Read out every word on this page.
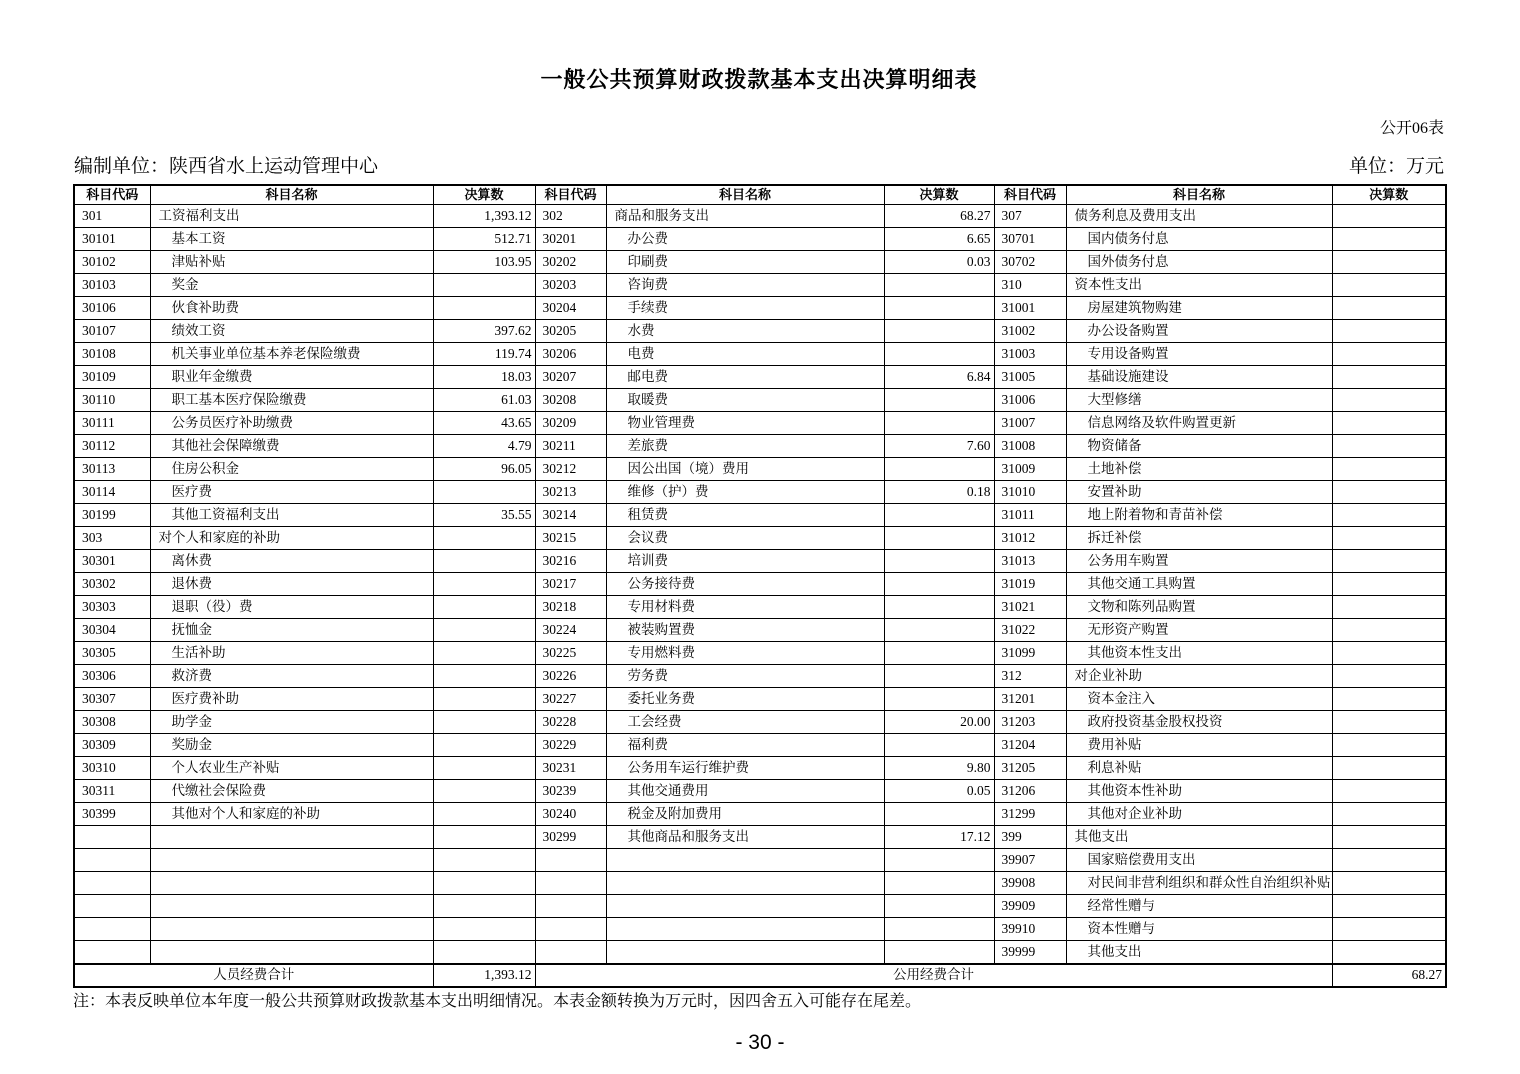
一般公共预算财政拨款基本支出决算明细表
公开06表
编制单位：陕西省水上运动管理中心	单位：万元
科目代码	科目名称	决算数	科目代码	科目名称	决算数	科目代码	科目名称	决算数
301	工资福利支出	1,393.12	302	商品和服务支出	68.27	307	债务利息及费用支出	
30101	基本工资	512.71	30201	办公费	6.65	30701	国内债务付息	
30102	津贴补贴	103.95	30202	印刷费	0.03	30702	国外债务付息	
30103	奖金		30203	咨询费		310	资本性支出	
30106	伙食补助费		30204	手续费		31001	房屋建筑物购建	
30107	绩效工资	397.62	30205	水费		31002	办公设备购置	
30108	机关事业单位基本养老保险缴费	119.74	30206	电费		31003	专用设备购置	
30109	职业年金缴费	18.03	30207	邮电费	6.84	31005	基础设施建设	
30110	职工基本医疗保险缴费	61.03	30208	取暖费		31006	大型修缮	
30111	公务员医疗补助缴费	43.65	30209	物业管理费		31007	信息网络及软件购置更新	
30112	其他社会保障缴费	4.79	30211	差旅费	7.60	31008	物资储备	
30113	住房公积金	96.05	30212	因公出国（境）费用		31009	土地补偿	
30114	医疗费		30213	维修（护）费	0.18	31010	安置补助	
30199	其他工资福利支出	35.55	30214	租赁费		31011	地上附着物和青苗补偿	
303	对个人和家庭的补助		30215	会议费		31012	拆迁补偿	
30301	离休费		30216	培训费		31013	公务用车购置	
30302	退休费		30217	公务接待费		31019	其他交通工具购置	
30303	退职（役）费		30218	专用材料费		31021	文物和陈列品购置	
30304	抚恤金		30224	被装购置费		31022	无形资产购置	
30305	生活补助		30225	专用燃料费		31099	其他资本性支出	
30306	救济费		30226	劳务费		312	对企业补助	
30307	医疗费补助		30227	委托业务费		31201	资本金注入	
30308	助学金		30228	工会经费	20.00	31203	政府投资基金股权投资	
30309	奖励金		30229	福利费		31204	费用补贴	
30310	个人农业生产补贴		30231	公务用车运行维护费	9.80	31205	利息补贴	
30311	代缴社会保险费		30239	其他交通费用	0.05	31206	其他资本性补助	
30399	其他对个人和家庭的补助		30240	税金及附加费用		31299	其他对企业补助	
			30299	其他商品和服务支出	17.12	399	其他支出	
						39907	国家赔偿费用支出	
						39908	对民间非营利组织和群众性自治组织补贴	
						39909	经常性赠与	
						39910	资本性赠与	
						39999	其他支出	
人员经费合计		1,393.12	公用经费合计					68.27
注：本表反映单位本年度一般公共预算财政拨款基本支出明细情况。本表金额转换为万元时，因四舍五入可能存在尾差。
- 30 -
